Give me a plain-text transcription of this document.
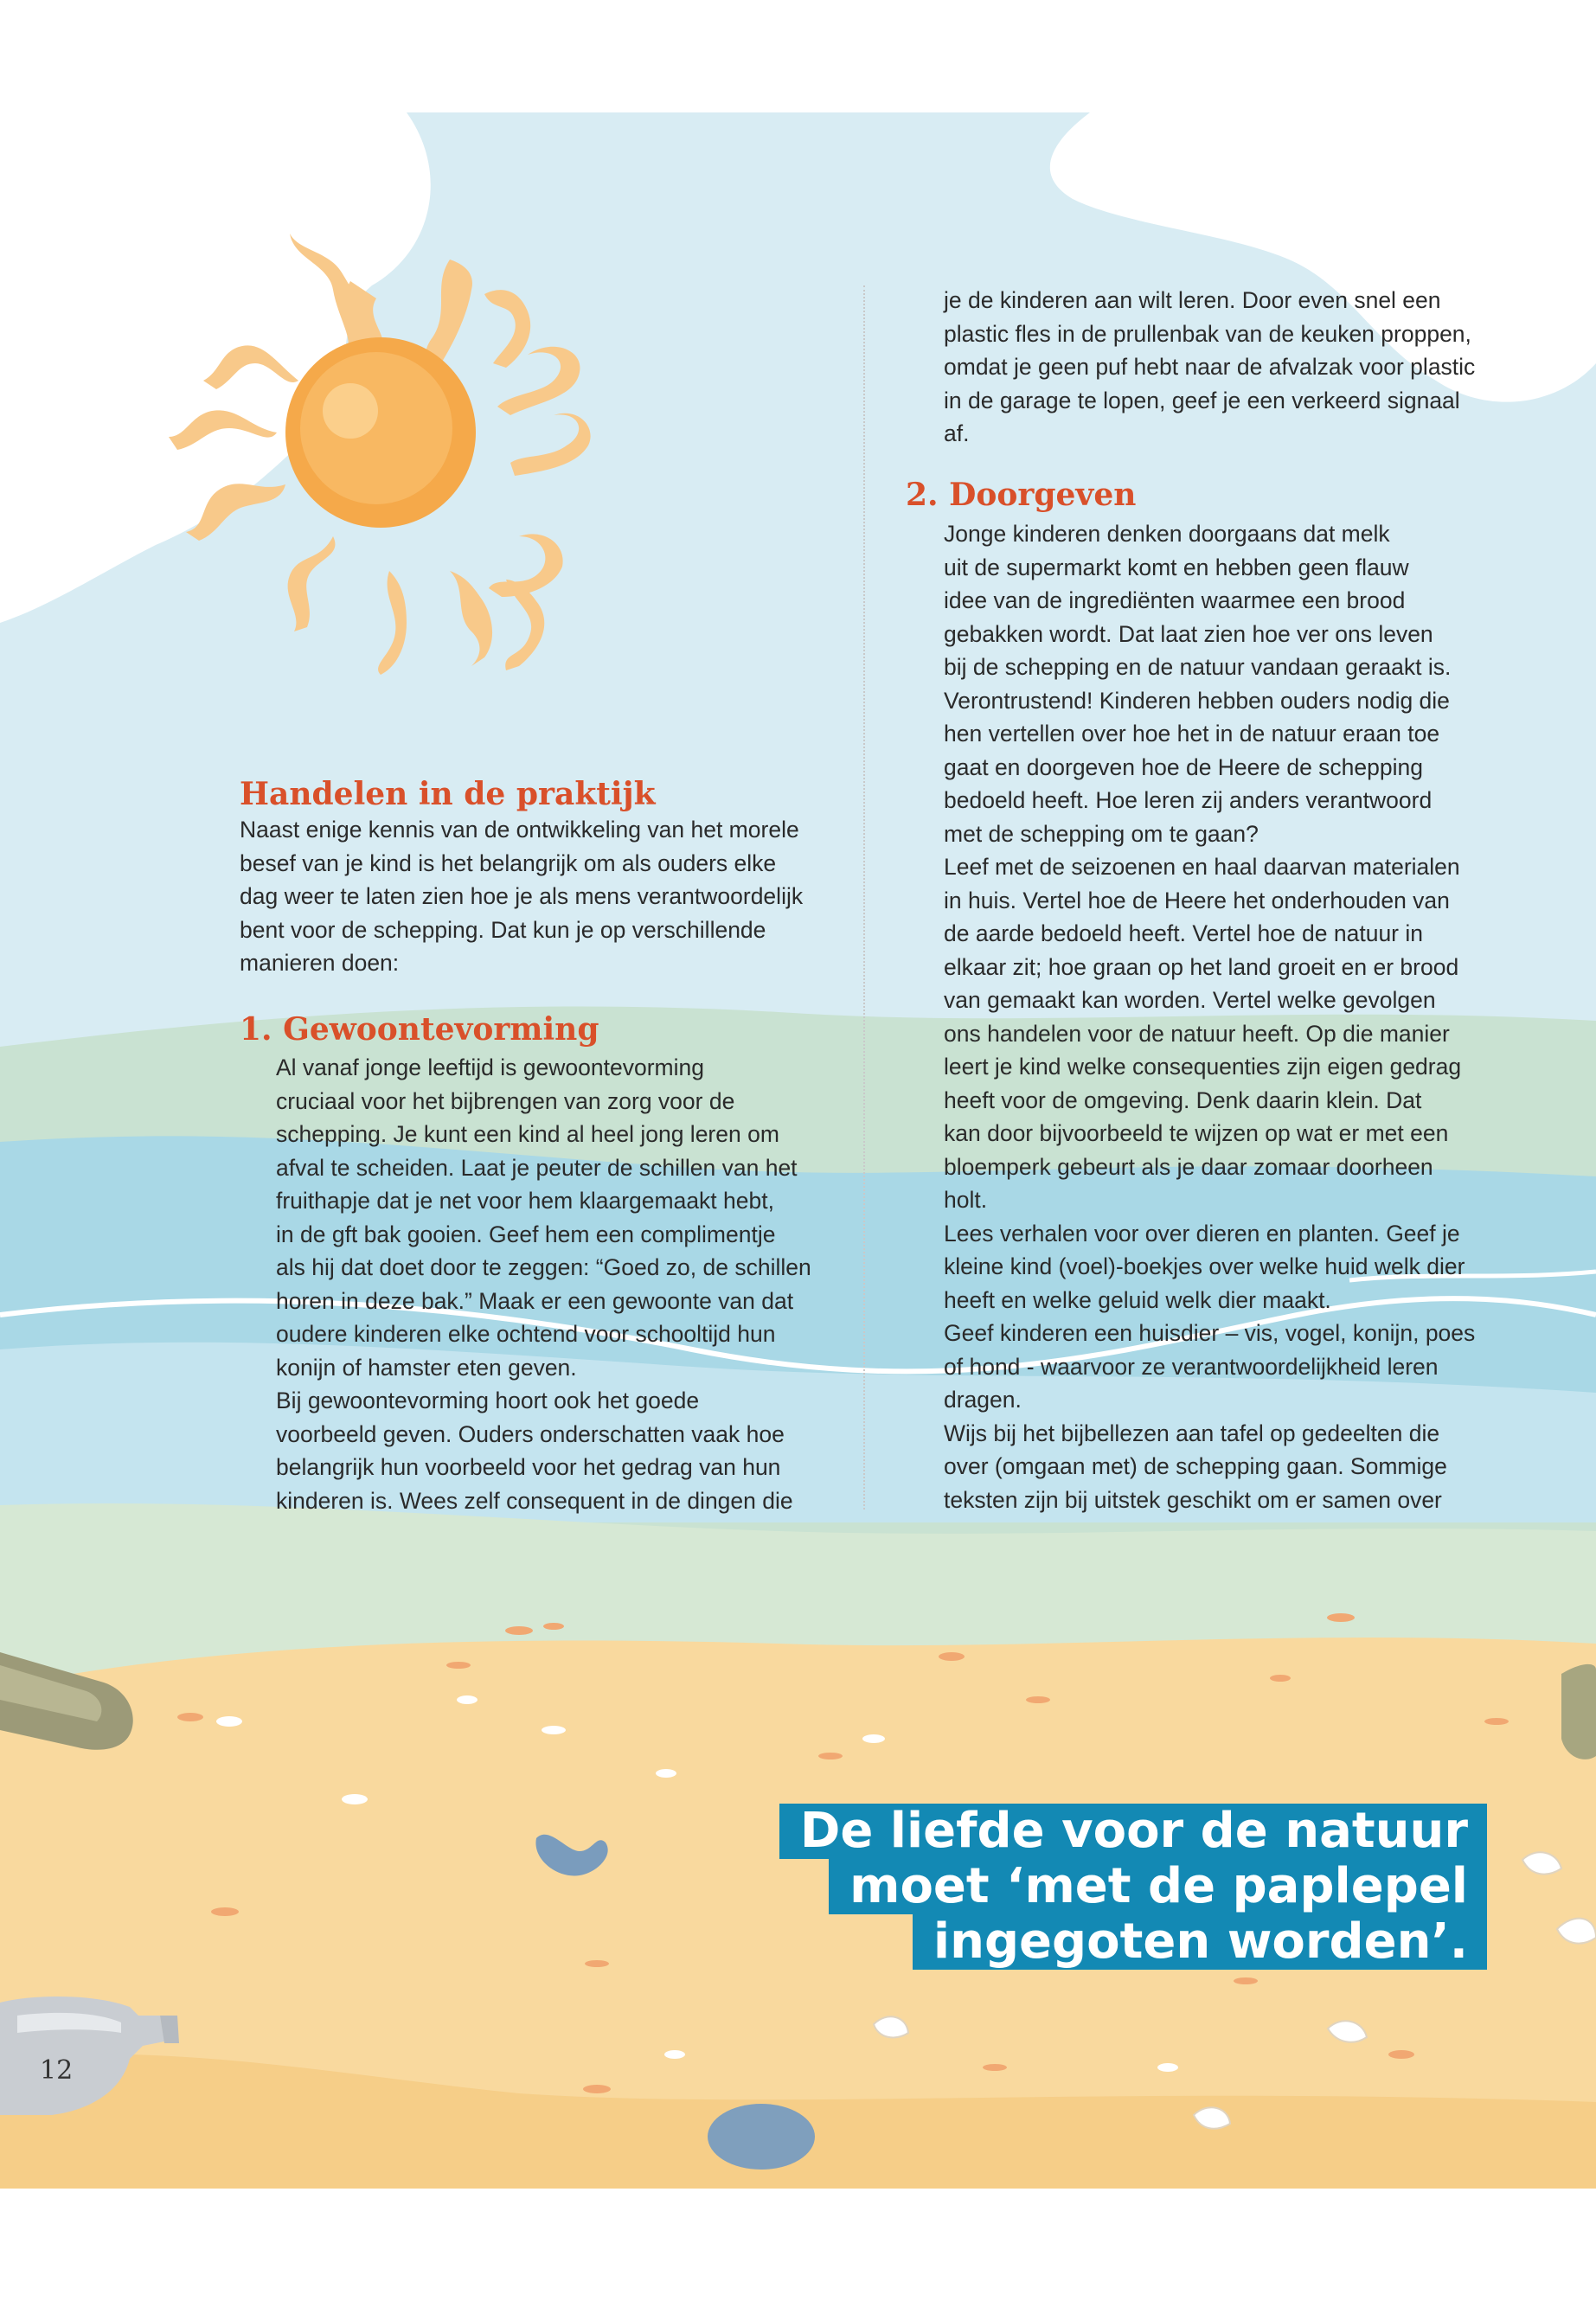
Handelen in de praktijk

Naast enige kennis van de ontwikkeling van het morele

besef van je kind is het belangrijk om als ouders elke

dag weer te laten zien hoe je als mens verantwoordelijk

bent voor de schepping. Dat kun je op verschillende

manieren doen:

1. Gewoontevorming

Al vanaf jonge leeftijd is gewoontevorming

cruciaal voor het bijbrengen van zorg voor de

schepping. Je kunt een kind al heel jong leren om

afval te scheiden. Laat je peuter de schillen van het

fruithapje dat je net voor hem klaargemaakt hebt,

in de gft bak gooien. Geef hem een complimentje

als hij dat doet door te zeggen: “Goed zo, de schillen

horen in deze bak.” Maak er een gewoonte van dat

oudere kinderen elke ochtend voor schooltijd hun

konijn of hamster eten geven.

Bij gewoontevorming hoort ook het goede

voorbeeld geven. Ouders onderschatten vaak hoe

belangrijk hun voorbeeld voor het gedrag van hun

kinderen is. Wees zelf consequent in de dingen die

je de kinderen aan wilt leren. Door even snel een

plastic fles in de prullenbak van de keuken proppen,

omdat je geen puf hebt naar de afvalzak voor plastic

in de garage te lopen, geef je een verkeerd signaal

af.

2. Doorgeven

Jonge kinderen denken doorgaans dat melk

uit de supermarkt komt en hebben geen flauw

idee van de ingrediënten waarmee een brood

gebakken wordt. Dat laat zien hoe ver ons leven

bij de schepping en de natuur vandaan geraakt is.

Verontrustend! Kinderen hebben ouders nodig die

hen vertellen over hoe het in de natuur eraan toe

gaat en doorgeven hoe de Heere de schepping

bedoeld heeft. Hoe leren zij anders verantwoord

met de schepping om te gaan?

Leef met de seizoenen en haal daarvan materialen

in huis. Vertel hoe de Heere het onderhouden van

de aarde bedoeld heeft. Vertel hoe de natuur in

elkaar zit; hoe graan op het land groeit en er brood

van gemaakt kan worden. Vertel welke gevolgen

ons handelen voor de natuur heeft. Op die manier

leert je kind welke consequenties zijn eigen gedrag

heeft voor de omgeving. Denk daarin klein. Dat

kan door bijvoorbeeld te wijzen op wat er met een

bloemperk gebeurt als je daar zomaar doorheen

holt.

Lees verhalen voor over dieren en planten. Geef je

kleine kind (voel)-boekjes over welke huid welk dier

heeft en welke geluid welk dier maakt.

Geef kinderen een huisdier – vis, vogel, konijn, poes

of hond - waarvoor ze verantwoordelijkheid leren

dragen.

Wijs bij het bijbellezen aan tafel op gedeelten die

over (omgaan met) de schepping gaan. Sommige

teksten zijn bij uitstek geschikt om er samen over

De liefde voor de natuur
moet ‘met de paplepel
ingegoten worden’.
12
